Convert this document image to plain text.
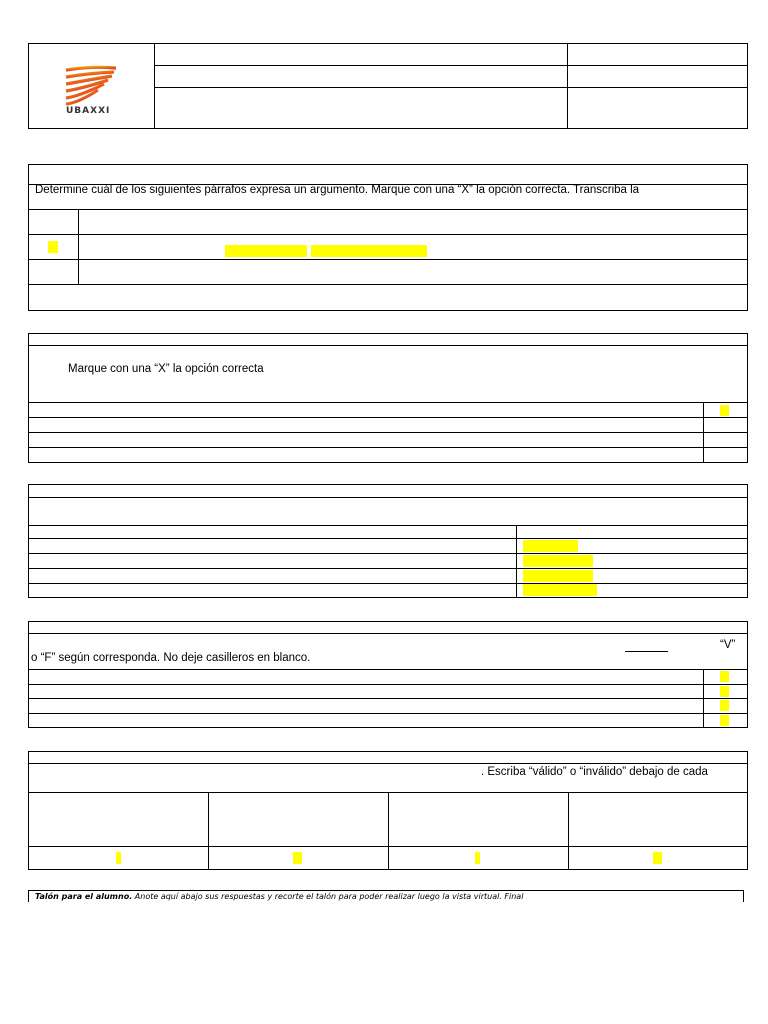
UBAXXI
Determine cuál de los siguientes párrafos expresa un argumento. Marque con una “X” la opción correcta. Transcriba la
Marque con una “X” la opción correcta
“V”
o “F” según corresponda. No deje casilleros en blanco.
. Escriba “válido” o “inválido” debajo de cada
Talón para el alumno. Anote aquí abajo sus respuestas y recorte el talón para poder realizar luego la vista virtual. Final
